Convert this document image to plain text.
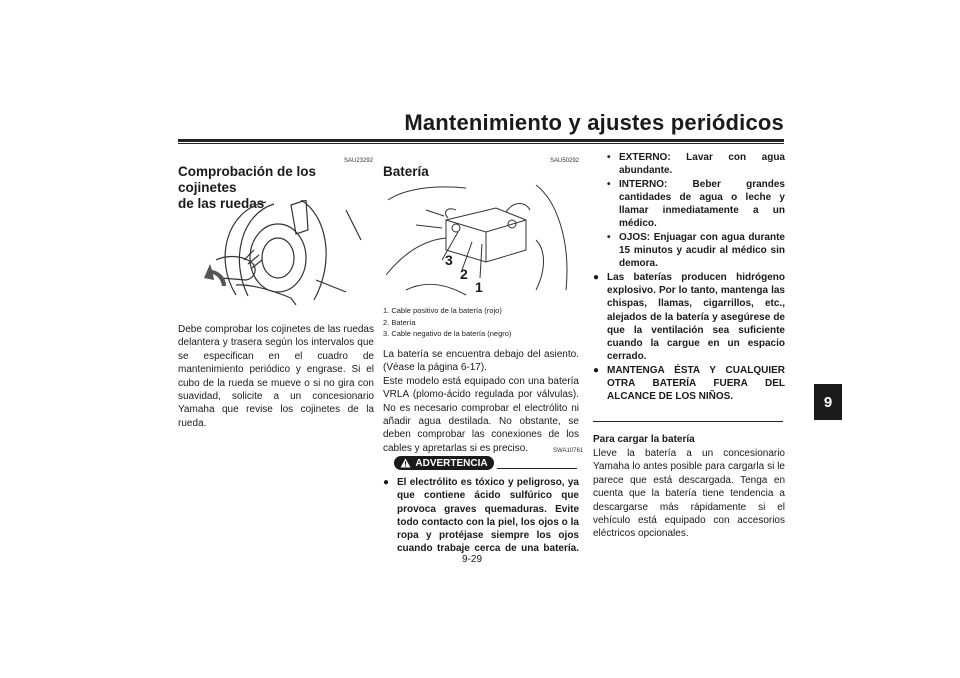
Mantenimiento y ajustes periódicos
SAU23292
Comprobación de los cojinetes
de las ruedas
Debe comprobar los cojinetes de las ruedas delantera y trasera según los intervalos que se especifican en el cuadro de mantenimiento periódico y engrase. Si el cubo de la rueda se mueve o si no gira con suavidad, solicite a un concesionario Yamaha que revise los cojinetes de la rueda.
SAU50292
Batería
3
2
1
1. Cable positivo de la batería (rojo)
2. Batería
3. Cable negativo de la batería (negro)

La batería se encuentra debajo del asiento. (Véase la página 6-17).

Este modelo está equipado con una batería VRLA (plomo-ácido regulada por válvulas). No es necesario comprobar el electrólito ni añadir agua destilada. No obstante, se deben comprobar las conexiones de los cables y apretarlas si es preciso.	SWA10761
ADVERTENCIA
● El electrólito es tóxico y peligroso, ya que contiene ácido sulfúrico que provoca graves quemaduras. Evite todo contacto con la piel, los ojos o la ropa y protéjase siempre los ojos cuando trabaje cerca de una batería.
• EXTERNO: Lavar con agua abundante.
• INTERNO: Beber grandes cantidades de agua o leche y llamar inmediatamente a un médico.
• OJOS: Enjuagar con agua durante 15 minutos y acudir al médico sin demora.
● Las baterías producen hidrógeno explosivo. Por lo tanto, mantenga las chispas, llamas, cigarrillos, etc., alejados de la batería y asegúrese de que la ventilación sea suficiente cuando la cargue en un espacio cerrado.
● MANTENGA ÉSTA Y CUALQUIER OTRA BATERÍA FUERA DEL ALCANCE DE LOS NIÑOS.
Para cargar la batería
Lleve la batería a un concesionario Yamaha lo antes posible para cargarla si le parece que está descargada. Tenga en cuenta que la batería tiene tendencia a descargarse más rápidamente si el vehículo está equipado con accesorios eléctricos opcionales.
9
9-29
